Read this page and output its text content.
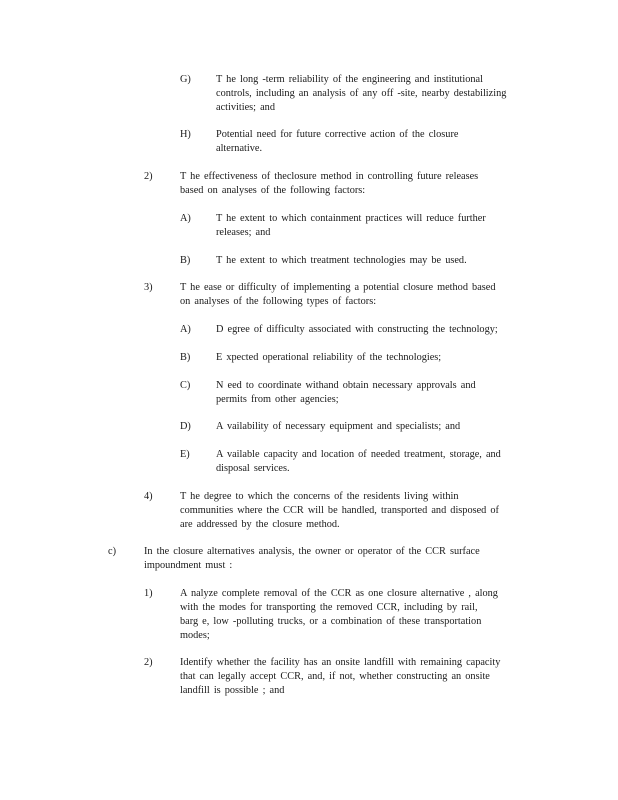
G) T he long -term reliability of the engineering and institutional
controls, including an analysis of any off -site, nearby destabilizing
activities; and
H) Potential need for future corrective action of the closure
alternative.
2)	T he effectiveness of theclosure method in controlling future releases
based on analyses of the following factors:
A) T he extent to which containment practices will reduce further
releases; and
B) T he extent to which treatment technologies may be used.
3)	T he ease or difficulty of implementing a potential closure method based
on analyses of the following types of factors:
A) D egree of difficulty associated with constructing the technology;
B) E xpected operational reliability of the technologies;
C) N eed to coordinate withand obtain necessary approvals and
permits from other agencies;
D) A vailability of necessary equipment and specialists; and
E)	A vailable capacity and location of needed treatment, storage, and
disposal services.
4)	T he degree to which the concerns of the residents living within
communities where the CCR will be handled, transported and disposed of
are addressed by the closure method.
c)	In the closure alternatives analysis, the owner or operator of the CCR surface
impoundment must :
1)	A nalyze complete removal of the CCR as one closure alternative , along
with the modes for transporting the removed CCR, including by rail,
barg e, low -polluting trucks, or a combination of these transportation
modes;
2)	Identify whether the facility has an onsite landfill with remaining capacity
that can legally accept CCR, and, if not, whether constructing an onsite
landfill is possible ; and
